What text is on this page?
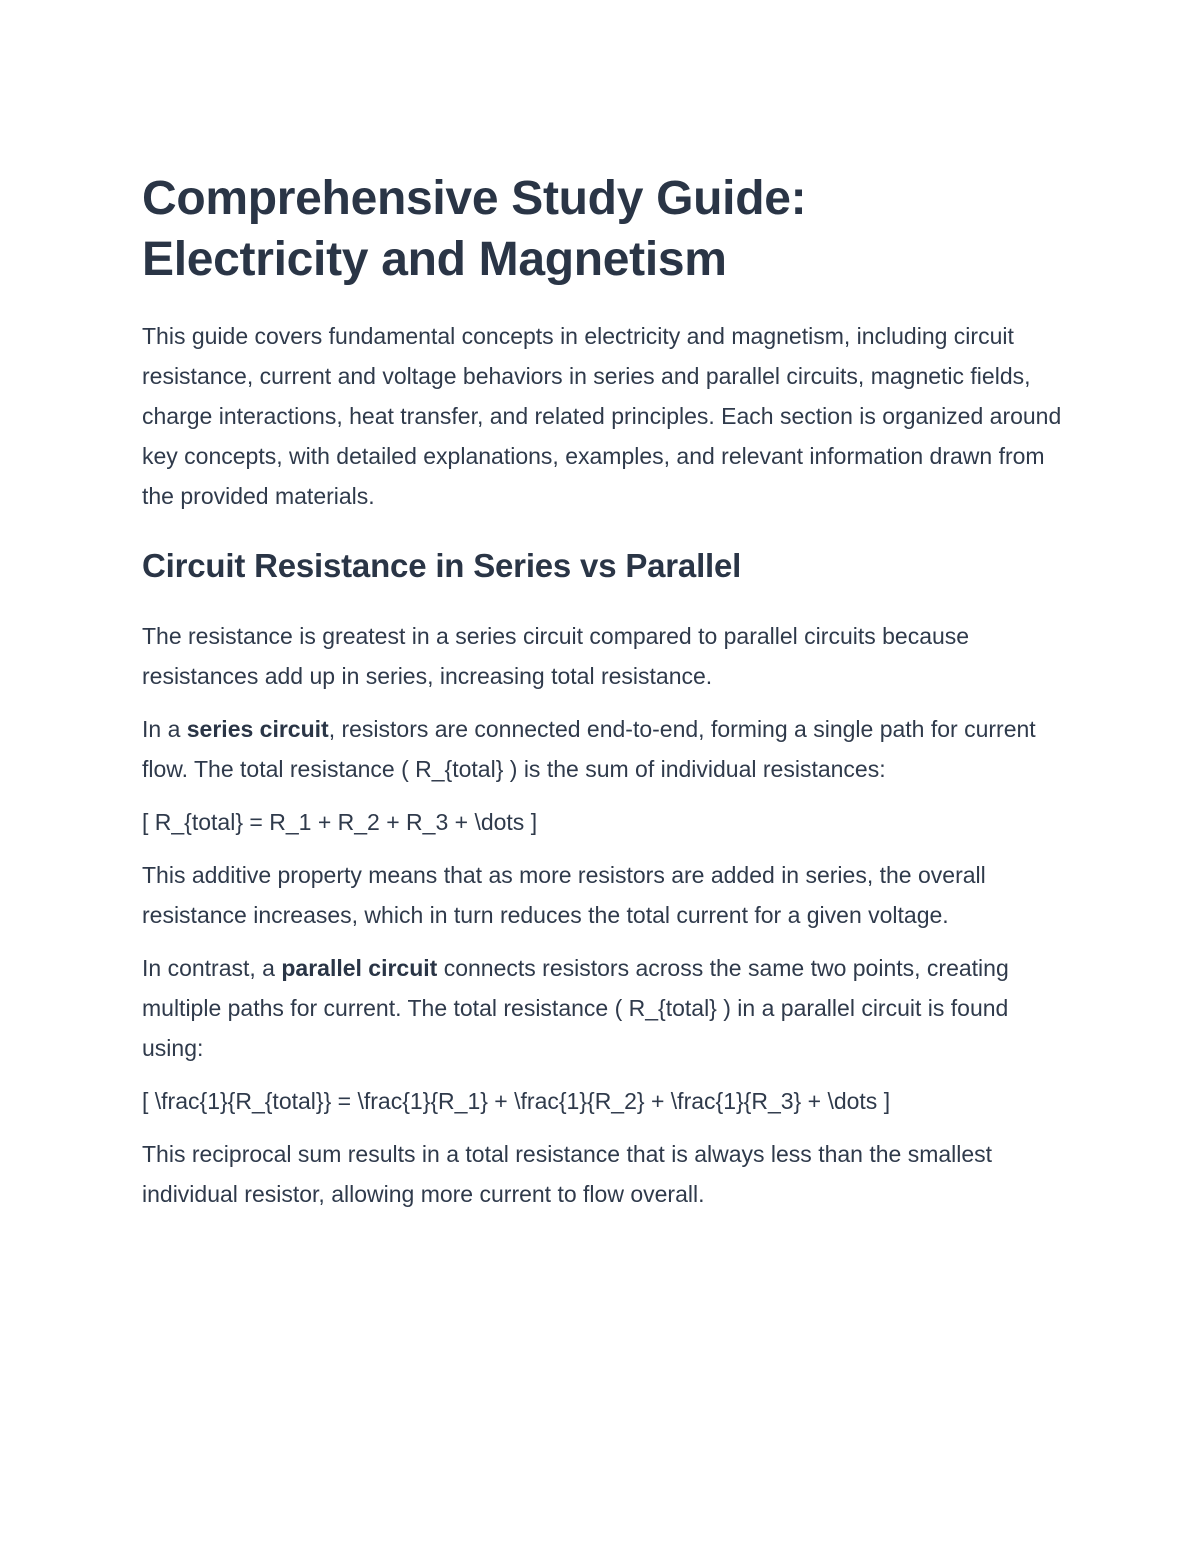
Comprehensive Study Guide:
Electricity and Magnetism

This guide covers fundamental concepts in electricity and magnetism, including circuit resistance, current and voltage behaviors in series and parallel circuits, magnetic fields, charge interactions, heat transfer, and related principles. Each section is organized around key concepts, with detailed explanations, examples, and relevant information drawn from the provided materials.

Circuit Resistance in Series vs Parallel

The resistance is greatest in a series circuit compared to parallel circuits because resistances add up in series, increasing total resistance.

In a series circuit, resistors are connected end-to-end, forming a single path for current flow. The total resistance ( R_{total} ) is the sum of individual resistances:

[ R_{total} = R_1 + R_2 + R_3 + \dots ]

This additive property means that as more resistors are added in series, the overall resistance increases, which in turn reduces the total current for a given voltage.

In contrast, a parallel circuit connects resistors across the same two points, creating multiple paths for current. The total resistance ( R_{total} ) in a parallel circuit is found using:

[ \frac{1}{R_{total}} = \frac{1}{R_1} + \frac{1}{R_2} + \frac{1}{R_3} + \dots ]

This reciprocal sum results in a total resistance that is always less than the smallest individual resistor, allowing more current to flow overall.
